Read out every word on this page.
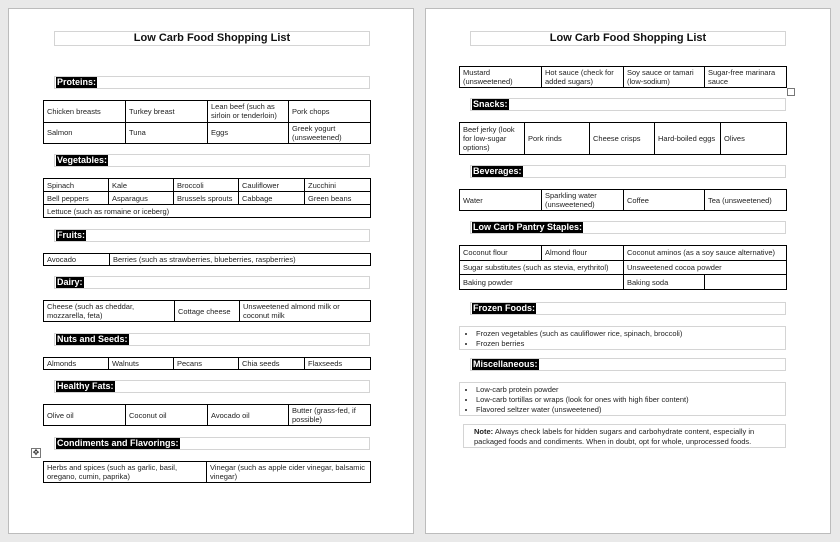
Low Carb Food Shopping List
Proteins:
Chicken breasts	Turkey breast	Lean beef (such as sirloin or tenderloin)	Pork chops
Salmon	Tuna	Eggs	Greek yogurt (unsweetened)
Vegetables:
Spinach	Kale	Broccoli	Cauliflower	Zucchini
Bell peppers	Asparagus	Brussels sprouts	Cabbage	Green beans
Lettuce (such as romaine or iceberg)				
Fruits:
Avocado	Berries (such as strawberries, blueberries, raspberries)
Dairy:
Cheese (such as cheddar, mozzarella, feta)	Cottage cheese	Unsweetened almond milk or coconut milk
Nuts and Seeds:
Almonds	Walnuts	Pecans	Chia seeds	Flaxseeds
Healthy Fats:
Olive oil	Coconut oil	Avocado oil	Butter (grass-fed, if possible)
Condiments and Flavorings:
✥
Herbs and spices (such as garlic, basil, oregano, cumin, paprika)	Vinegar (such as apple cider vinegar, balsamic vinegar)
Low Carb Food Shopping List
Mustard (unsweetened)	Hot sauce (check for added sugars)	Soy sauce or tamari (low-sodium)	Sugar-free marinara sauce
Snacks:
Beef jerky (look for low-sugar options)	Pork rinds	Cheese crisps	Hard-boiled eggs	Olives
Beverages:
Water	Sparkling water (unsweetened)	Coffee	Tea (unsweetened)
Low Carb Pantry Staples:
Coconut flour	Almond flour	Coconut aminos (as a soy sauce alternative)	
Sugar substitutes (such as stevia, erythritol)		Unsweetened cocoa powder	
Baking powder		Baking soda	
Frozen Foods:
• Frozen vegetables (such as cauliflower rice, spinach, broccoli)
• Frozen berries
Miscellaneous:
• Low-carb protein powder
• Low-carb tortillas or wraps (look for ones with high fiber content)
• Flavored seltzer water (unsweetened)
Note: Always check labels for hidden sugars and carbohydrate content, especially in packaged foods and condiments. When in doubt, opt for whole, unprocessed foods.
